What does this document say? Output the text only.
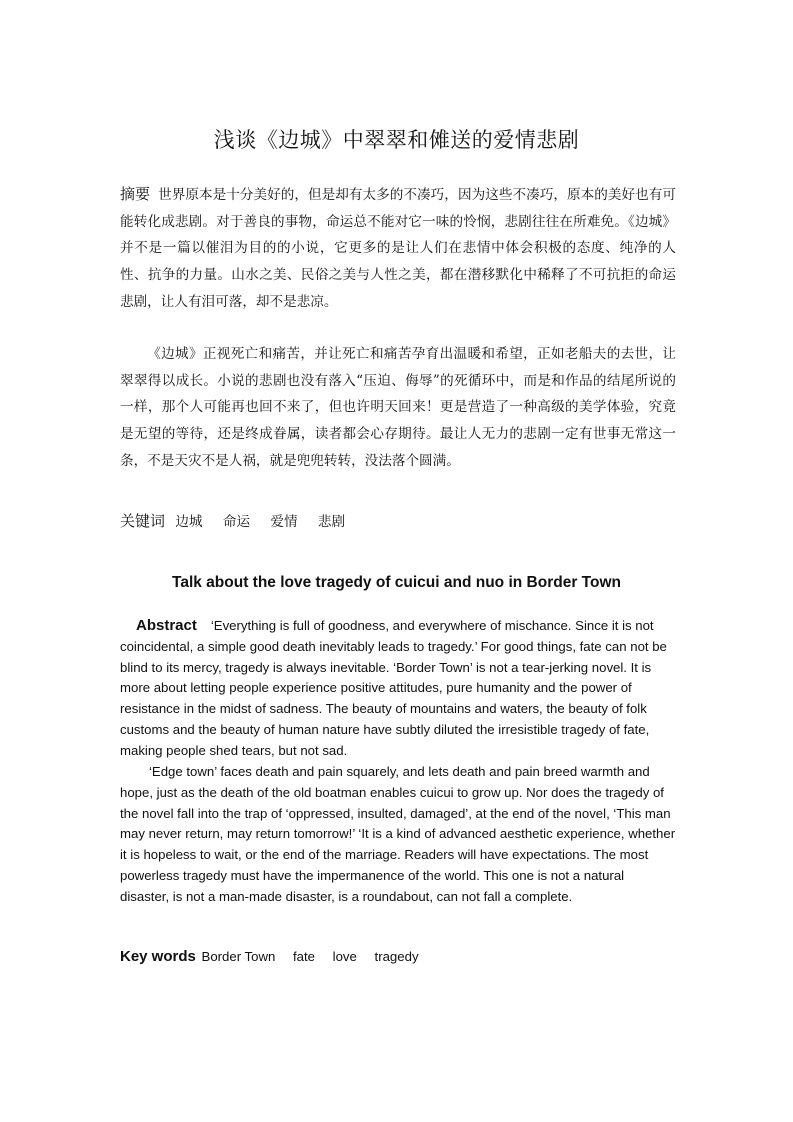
浅谈《边城》中翠翠和傩送的爱情悲剧

摘要 世界原本是十分美好的，但是却有太多的不凑巧，因为这些不凑巧，原本的美好也有可能转化成悲剧。对于善良的事物，命运总不能对它一味的怜悯，悲剧往往在所难免。《边城》并不是一篇以催泪为目的的小说，它更多的是让人们在悲情中体会积极的态度、纯净的人性、抗争的力量。山水之美、民俗之美与人性之美，都在潜移默化中稀释了不可抗拒的命运悲剧，让人有泪可落，却不是悲凉。

《边城》正视死亡和痛苦，并让死亡和痛苦孕育出温暖和希望，正如老船夫的去世，让翠翠得以成长。小说的悲剧也没有落入“压迫、侮辱”的死循环中，而是和作品的结尾所说的一样，那个人可能再也回不来了，但也许明天回来！更是营造了一种高级的美学体验，究竟是无望的等待，还是终成眷属，读者都会心存期待。最让人无力的悲剧一定有世事无常这一条，不是天灾不是人祸，就是兜兜转转，没法落个圆满。

关键词 边城 命运 爱情 悲剧
Talk about the love tragedy of cuicui and nuo in Border Town

Abstract ‘Everything is full of goodness, and everywhere of mischance. Since it is not coincidental, a simple good death inevitably leads to tragedy.’ For good things, fate can not be blind to its mercy, tragedy is always inevitable. ‘Border Town’ is not a tear-jerking novel. It is more about letting people experience positive attitudes, pure humanity and the power of resistance in the midst of sadness. The beauty of mountains and waters, the beauty of folk customs and the beauty of human nature have subtly diluted the irresistible tragedy of fate, making people shed tears, but not sad.

‘Edge town’ faces death and pain squarely, and lets death and pain breed warmth and hope, just as the death of the old boatman enables cuicui to grow up. Nor does the tragedy of the novel fall into the trap of ‘oppressed, insulted, damaged’, at the end of the novel, ‘This man may never return, may return tomorrow!’ ‘It is a kind of advanced aesthetic experience, whether it is hopeless to wait, or the end of the marriage. Readers will have expectations. The most powerless tragedy must have the impermanence of the world. This one is not a natural disaster, is not a man-made disaster, is a roundabout, can not fall a complete.

Key words Border Town fate love tragedy
